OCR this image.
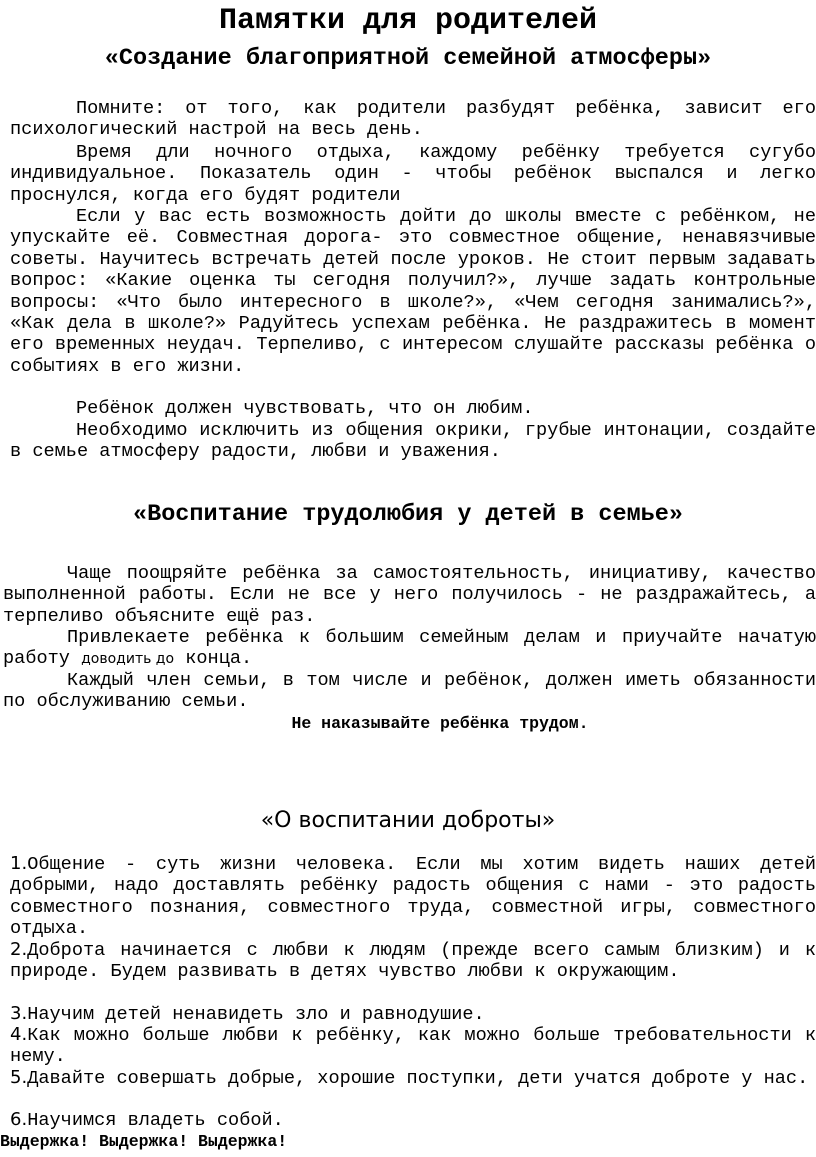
Памятки для родителей
«Создание благоприятной семейной атмосферы»

Помните: от того, как родители разбудят ребёнка, зависит его психологический настрой на весь день.

Время дли ночного отдыха, каждому ребёнку требуется сугубо индивидуальное. Показатель один - чтобы ребёнок выспался и легко проснулся, когда его будят родители

Если у вас есть возможность дойти до школы вместе с ребёнком, не упускайте её. Совместная дорога- это совместное общение, ненавязчивые советы. Научитесь встречать детей после уроков. Не стоит первым задавать вопрос: «Какие оценка ты сегодня получил?», лучше задать контрольные вопросы: «Что было интересного в школе?», «Чем сегодня занимались?», «Как дела в школе?» Радуйтесь успехам ребёнка. Не раздражитесь в момент его временных неудач. Терпеливо, с интересом слушайте рассказы ребёнка о событиях в его жизни.

Ребёнок должен чувствовать, что он любим.

Необходимо исключить из общения окрики, грубые интонации, создайте в семье атмосферу радости, любви и уважения.

«Воспитание трудолюбия у детей в семье»

Чаще поощряйте ребёнка за самостоятельность, инициативу, качество выполненной работы. Если не все у него получилось - не раздражайтесь, а терпеливо объясните ещё раз.

Привлекаете ребёнка к большим семейным делам и приучайте начатую работу доводить до конца.

Каждый член семьи, в том числе и ребёнок, должен иметь обязанности по обслуживанию семьи.

Не наказывайте ребёнка трудом.
«О воспитании доброты»
1.Общение - суть жизни человека. Если мы хотим видеть наших детей добрыми, надо доставлять ребёнку радость общения с нами - это радость совместного познания, совместного труда, совместной игры, совместного отдыха.
2.Доброта начинается с любви к людям (прежде всего самым близким) и к природе. Будем развивать в детях чувство любви к окружающим.
3.Научим детей ненавидеть зло и равнодушие.
4.Как можно больше любви к ребёнку, как можно больше требовательности к нему.
5.Давайте совершать добрые, хорошие поступки, дети учатся доброте у нас.
6.Научимся владеть собой.
Выдержка! Выдержка! Выдержка!
